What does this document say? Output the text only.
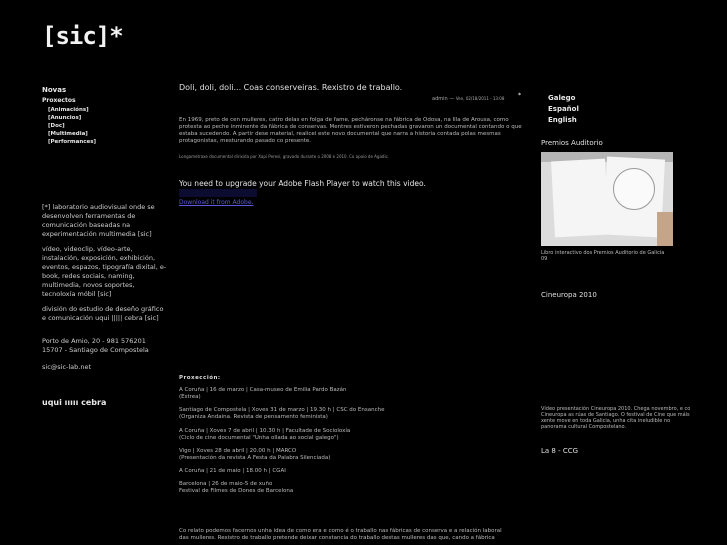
[sic]*
Novas
Proxectos
[Animacións]
[Anuncios]
[Doc]
[Multimedia]
[Performances]

[*] laboratorio audiovisual onde se desenvolven ferramentas de comunicación baseadas na experimentación multimedia [sic]

vídeo, videoclip, vídeo-arte, instalación, exposición, exhibición, eventos, espazos, tipografía dixital, e-book, redes sociais, naming, multimedia, novos soportes, tecnoloxía móbil [sic]

división do estudio de deseño gráfico e comunicación uqui ||||| cebra [sic]

Porto de Amio, 20 - 981 576201

15707 - Santiago de Compostela

sic@sic-lab.net

uqui ııııı cebra

Doli, doli, doli... Coas conserveiras. Rexistro de traballo.
admin — Ven, 02/18/2011 - 13:08 *
En 1969, preto de cen mulleres, catro delas en folga de fame, pecháronse na fábrica de Odosa, na Illa de Arousa, como protesta ao peche inminente da fábrica de conservas. Mentres estiveron pechadas gravaron un documental contando o que estaba sucedendo. A partir dese material, realicei este novo documental que narra a historia contada polas mesmas protagonistas, mesturando pasado co presente.
Longametraxe documental dirixida por Xapi Peresí, gravado durante o 2008 e 2010. Co apoio de Agadic.
You need to upgrade your Adobe Flash Player to watch this video.
Download it from Adobe.
Proxección:
A Coruña | 16 de marzo | Casa-museo de Emilia Pardo Bazán
(Estrea)
Santiago de Compostela | Xoves 31 de marzo | 19.30 h | CSC do Ensanche
(Organiza Andaina. Revista de pensamento feminista)
A Coruña | Xoves 7 de abril | 10.30 h | Facultade de Socioloxía
(Ciclo de cine documental "Unha ollada ao social galego")
Vigo | Xoves 28 de abril | 20.00 h | MARCO
(Presentación da revista A Festa da Palabra Silenciada)
A Coruña | 21 de maio | 18.00 h | CGAI
Barcelona | 26 de maio-5 de xuño
Festival de Filmes de Dones de Barcelona
Co relato podemos facernos unha idea de como era e como é o traballo nas fábricas de conserva e a relación laboral
das mulleres. Rexistro de traballo pretende deixar constancia do traballo destas mulleres das que, cando a fábrica
Galego
Español
English
Premios Auditorio
Libro interactivo dos Premios Auditorio de Galicia 09
Cineuropa 2010
Vídeo presentación Cineuropa 2010. Chega novembro, e co Cineuropa as rúas de Santiago. O festival de Cine que máis xente move en toda Galicia, unha cita ineludible no panorama cultural Compostelano.
La 8 - CCG
